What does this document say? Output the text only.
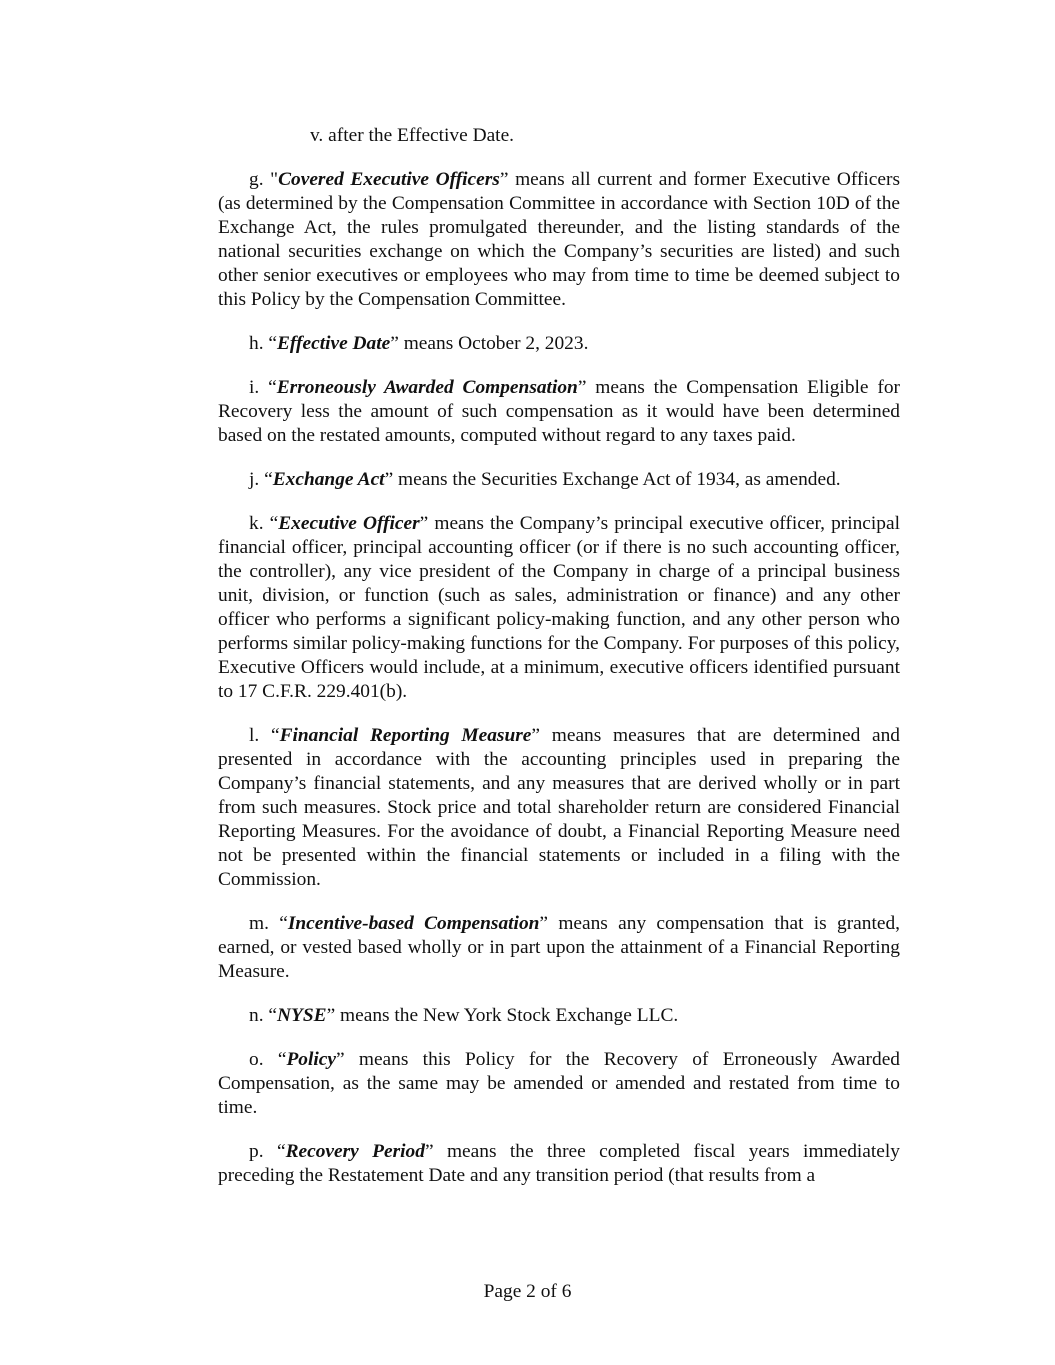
v. after the Effective Date.

g. "Covered Executive Officers” means all current and former Executive Officers (as determined by the Compensation Committee in accordance with Section 10D of the Exchange Act, the rules promulgated thereunder, and the listing standards of the national securities exchange on which the Company’s securities are listed) and such other senior executives or employees who may from time to time be deemed subject to this Policy by the Compensation Committee.

h. “Effective Date” means October 2, 2023.

i. “Erroneously Awarded Compensation” means the Compensation Eligible for Recovery less the amount of such compensation as it would have been determined based on the restated amounts, computed without regard to any taxes paid.

j. “Exchange Act” means the Securities Exchange Act of 1934, as amended.

k. “Executive Officer” means the Company’s principal executive officer, principal financial officer, principal accounting officer (or if there is no such accounting officer, the controller), any vice president of the Company in charge of a principal business unit, division, or function (such as sales, administration or finance) and any other officer who performs a significant policy-making function, and any other person who performs similar policy-making functions for the Company. For purposes of this policy, Executive Officers would include, at a minimum, executive officers identified pursuant to 17 C.F.R. 229.401(b).

l. “Financial Reporting Measure” means measures that are determined and presented in accordance with the accounting principles used in preparing the Company’s financial statements, and any measures that are derived wholly or in part from such measures. Stock price and total shareholder return are considered Financial Reporting Measures. For the avoidance of doubt, a Financial Reporting Measure need not be presented within the financial statements or included in a filing with the Commission.

m. “Incentive-based Compensation” means any compensation that is granted, earned, or vested based wholly or in part upon the attainment of a Financial Reporting Measure.

n. “NYSE” means the New York Stock Exchange LLC.

o. “Policy” means this Policy for the Recovery of Erroneously Awarded Compensation, as the same may be amended or amended and restated from time to time.

p. “Recovery Period” means the three completed fiscal years immediately preceding the Restatement Date and any transition period (that results from a

Page 2 of 6
